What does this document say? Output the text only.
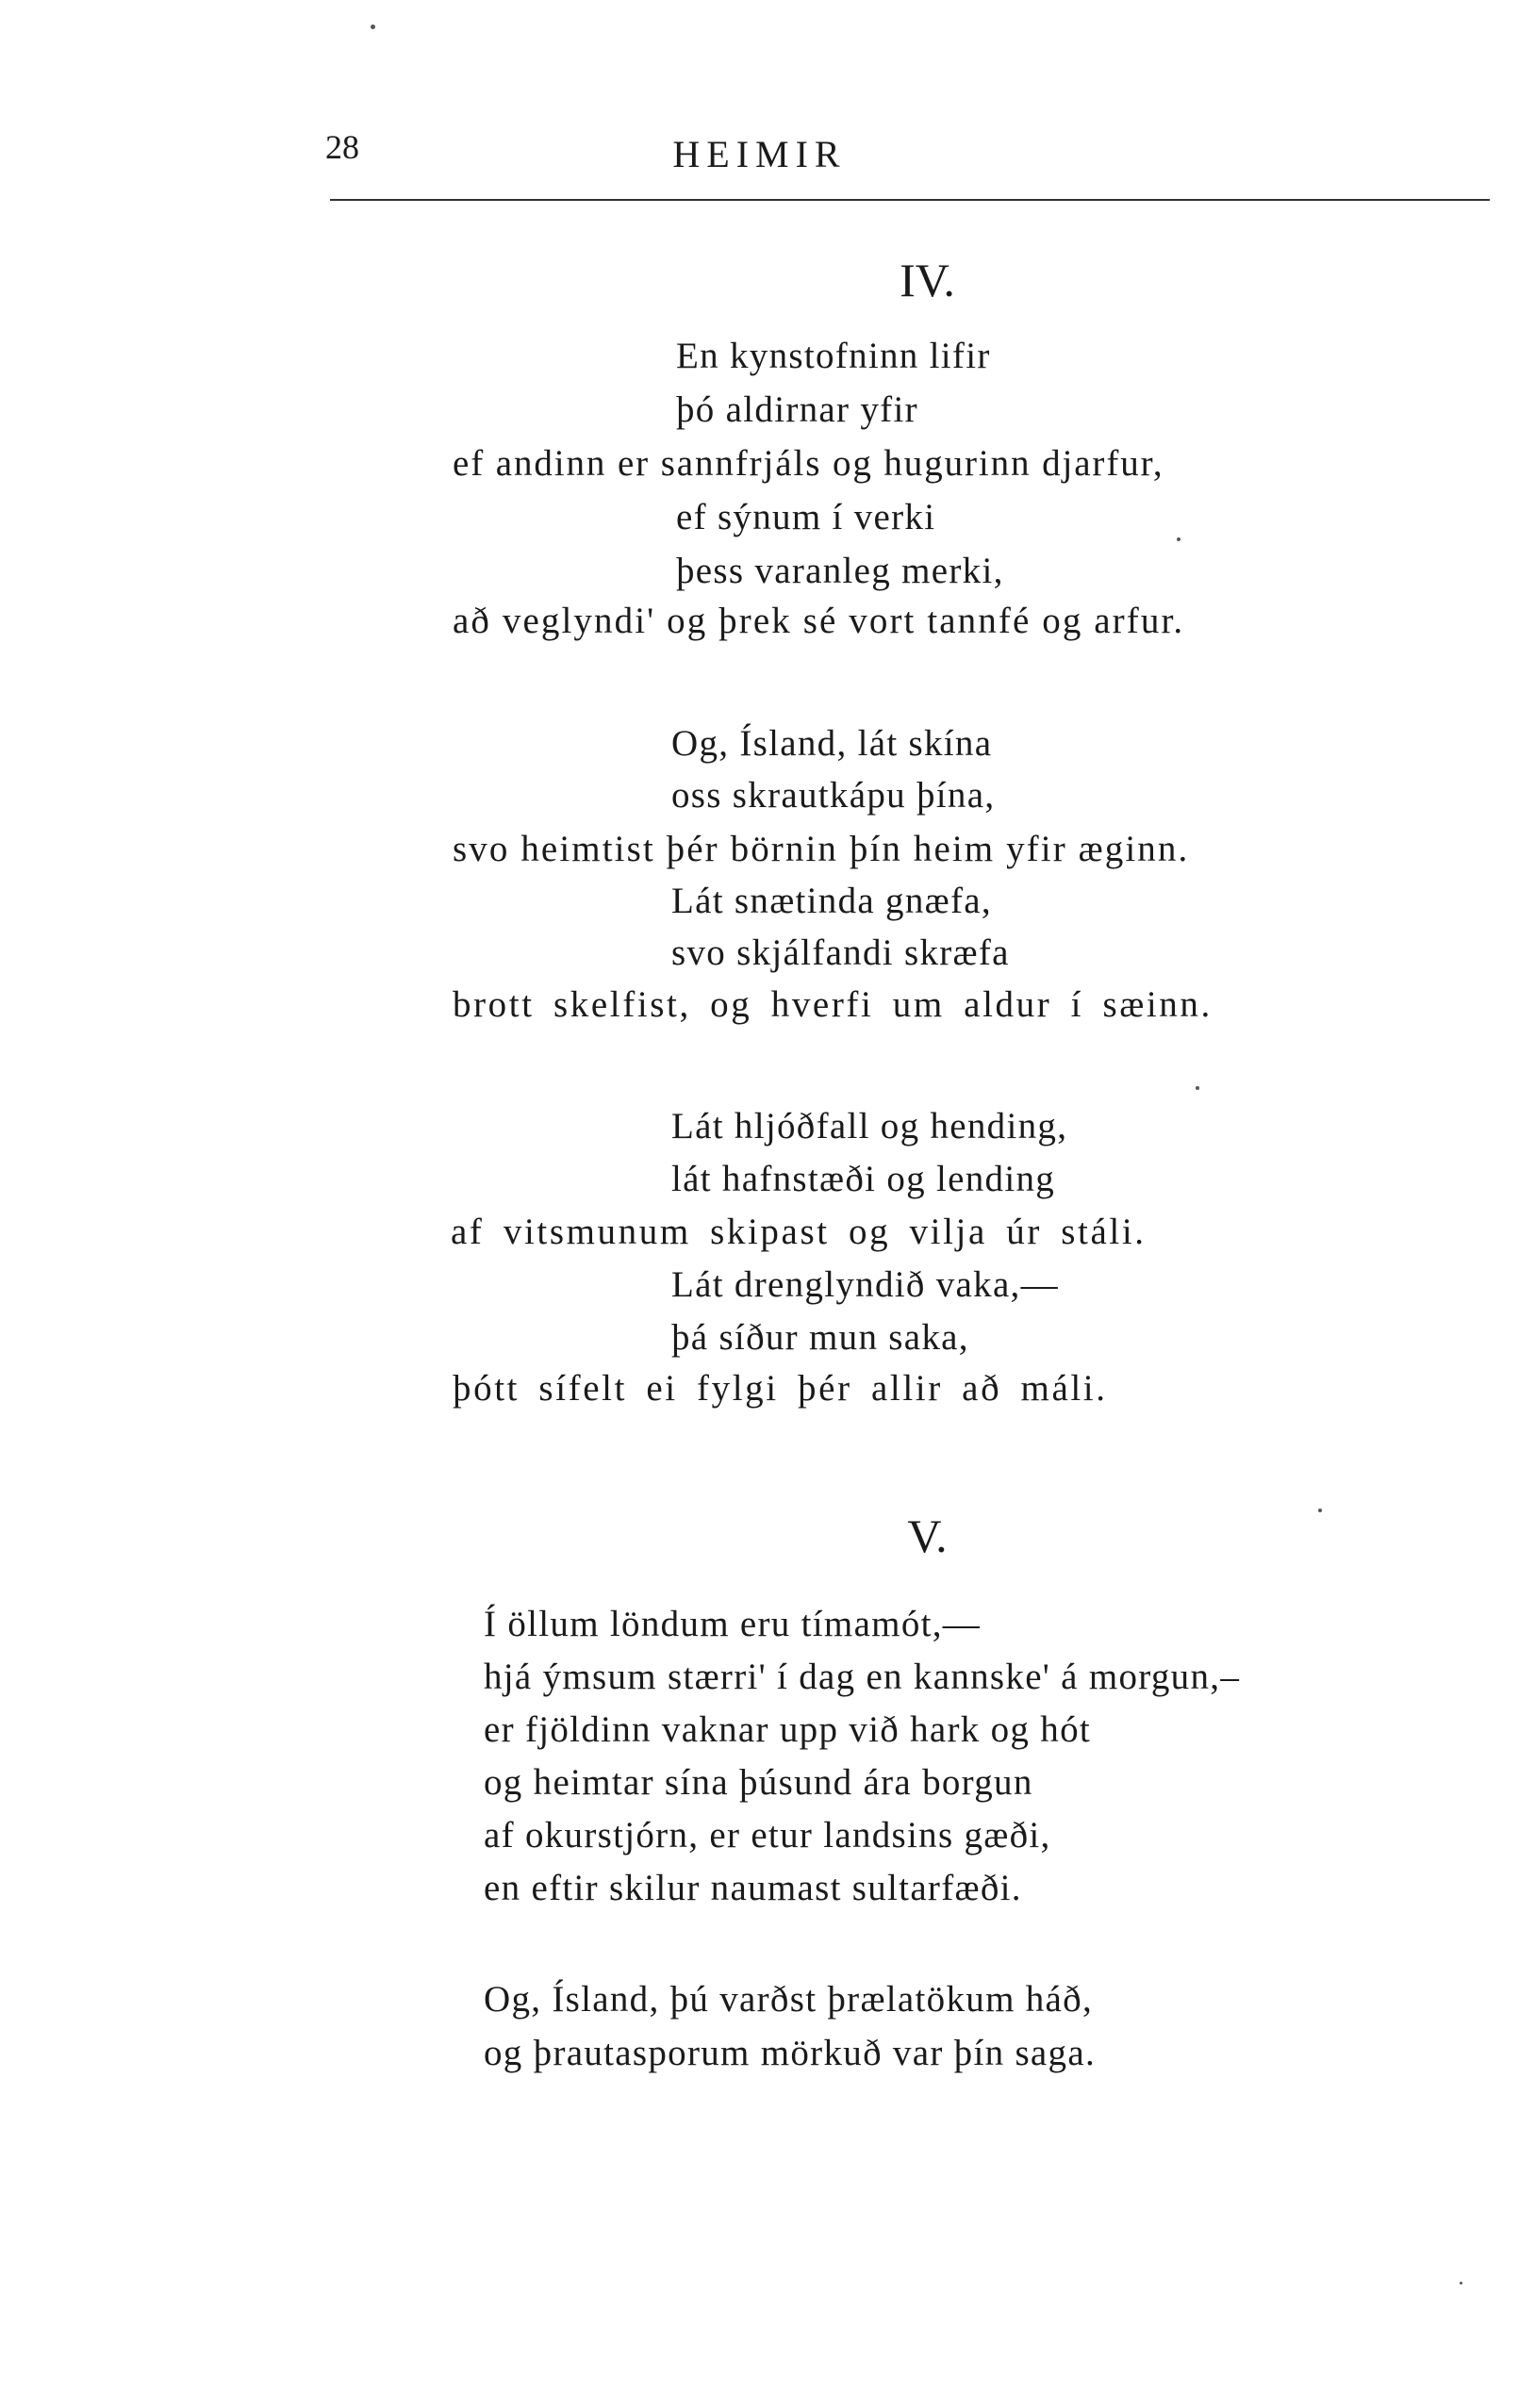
28	HEIMIR
IV.
En kynstofninn lifir
þó aldirnar yfir
ef andinn er sannfrjáls og hugurinn djarfur,
ef sýnum í verki
þess varanleg merki,
að veglyndi' og þrek sé vort tannfé og arfur.
Og, Ísland, lát skína
oss skrautkápu þína,
svo heimtist þér börnin þín heim yfir æginn.
Lát snætinda gnæfa,
svo skjálfandi skræfa
brott skelfist, og hverfi um aldur í sæinn.
Lát hljóðfall og hending,
lát hafnstæði og lending
af vitsmunum skipast og vilja úr stáli.
Lát drenglyndið vaka,—
þá síður mun saka,
þótt sífelt ei fylgi þér allir að máli.
V.
Í öllum löndum eru tímamót,—
hjá ýmsum stærri' í dag en kannske' á morgun,–
er fjöldinn vaknar upp við hark og hót
og heimtar sína þúsund ára borgun
af okurstjórn, er etur landsins gæði,
en eftir skilur naumast sultarfæði.
Og, Ísland, þú varðst þrælatökum háð,
og þrautasporum mörkuð var þín saga.
